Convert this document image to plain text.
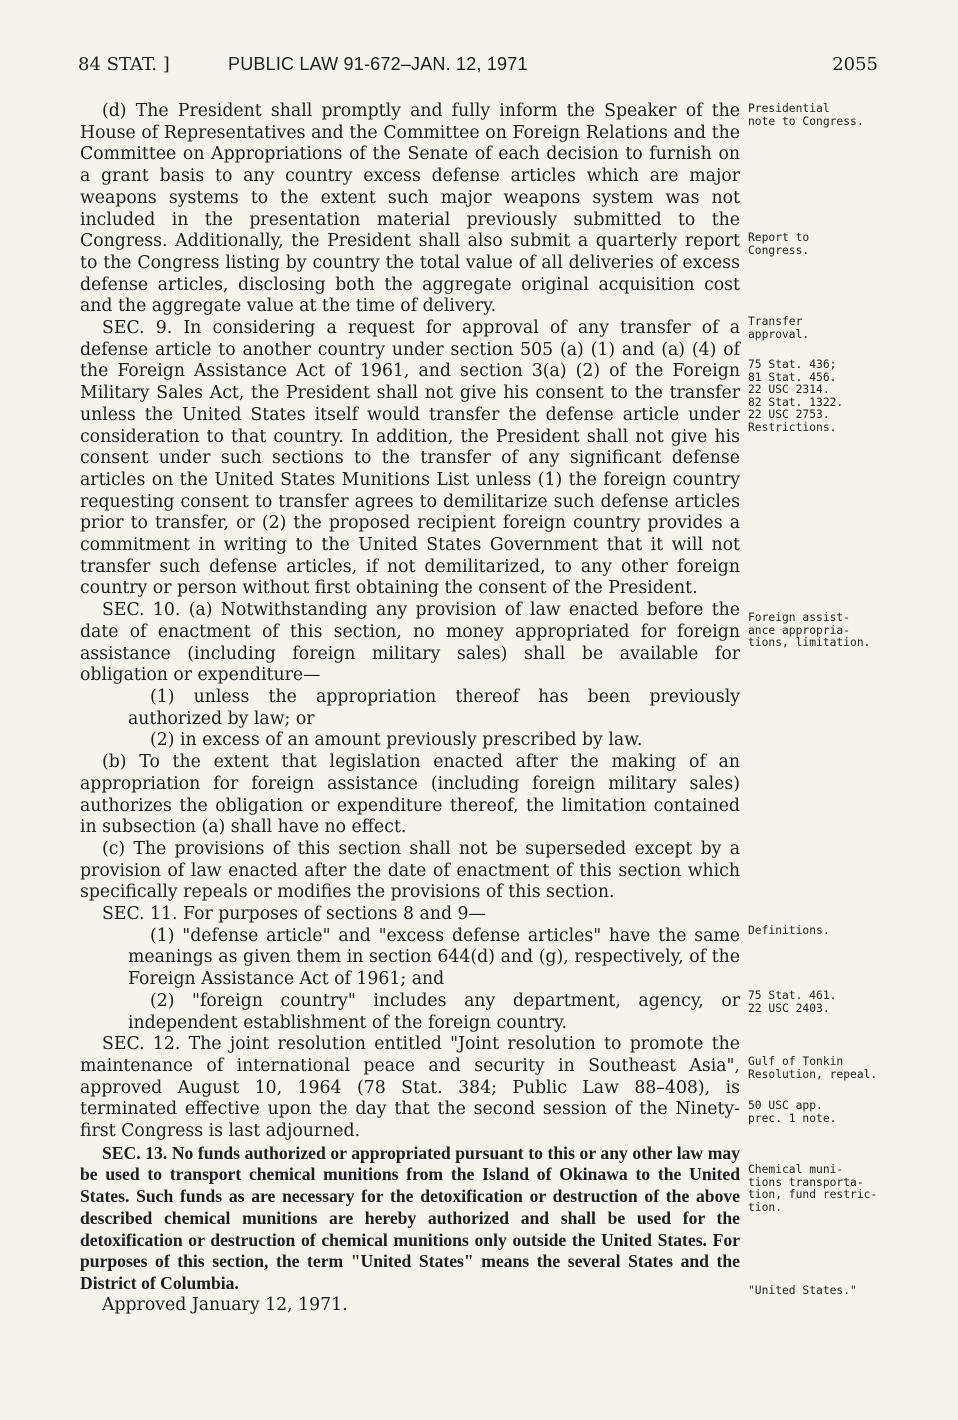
84 STAT. ]	PUBLIC LAW 91-672–JAN. 12, 1971	2055

(d) The President shall promptly and fully inform the Speaker of the House of Representatives and the Committee on Foreign Relations and the Committee on Appropriations of the Senate of each decision to furnish on a grant basis to any country excess defense articles which are major weapons systems to the extent such major weapons system was not included in the presentation material previously submitted to the Congress. Additionally, the President shall also submit a quarterly report to the Congress listing by country the total value of all deliveries of excess defense articles, disclosing both the aggregate original acquisition cost and the aggregate value at the time of delivery.

SEC. 9. In considering a request for approval of any transfer of a defense article to another country under section 505 (a) (1) and (a) (4) of the Foreign Assistance Act of 1961, and section 3(a) (2) of the Foreign Military Sales Act, the President shall not give his consent to the transfer unless the United States itself would transfer the defense article under consideration to that country. In addition, the President shall not give his consent under such sections to the transfer of any significant defense articles on the United States Munitions List unless (1) the foreign country requesting consent to transfer agrees to demilitarize such defense articles prior to transfer, or (2) the proposed recipient foreign country provides a commitment in writing to the United States Government that it will not transfer such defense articles, if not demilitarized, to any other foreign country or person without first obtaining the consent of the President.

SEC. 10. (a) Notwithstanding any provision of law enacted before the date of enactment of this section, no money appropriated for foreign assistance (including foreign military sales) shall be available for obligation or expenditure—

(1) unless the appropriation thereof has been previously authorized by law; or

(2) in excess of an amount previously prescribed by law.

(b) To the extent that legislation enacted after the making of an appropriation for foreign assistance (including foreign military sales) authorizes the obligation or expenditure thereof, the limitation contained in subsection (a) shall have no effect.

(c) The provisions of this section shall not be superseded except by a provision of law enacted after the date of enactment of this section which specifically repeals or modifies the provisions of this section.

SEC. 11. For purposes of sections 8 and 9—

(1) "defense article" and "excess defense articles" have the same meanings as given them in section 644(d) and (g), respectively, of the Foreign Assistance Act of 1961; and

(2) "foreign country" includes any department, agency, or independent establishment of the foreign country.

SEC. 12. The joint resolution entitled "Joint resolution to promote the maintenance of international peace and security in Southeast Asia", approved August 10, 1964 (78 Stat. 384; Public Law 88–408), is terminated effective upon the day that the second session of the Ninety-first Congress is last adjourned.

SEC. 13. No funds authorized or appropriated pursuant to this or any other law may be used to transport chemical munitions from the Island of Okinawa to the United States. Such funds as are necessary for the detoxification or destruction of the above described chemical munitions are hereby authorized and shall be used for the detoxification or destruction of chemical munitions only outside the United States. For purposes of this section, the term "United States" means the several States and the District of Columbia.

Approved January 12, 1971.

Presidential
note to Congress.
Report to
Congress.
Transfer
approval.
75 Stat. 436;
81 Stat. 456.
22 USC 2314.
82 Stat. 1322.
22 USC 2753.
Restrictions.
Foreign assist-
ance appropria-
tions, limitation.
Definitions.
75 Stat. 461.
22 USC 2403.
Gulf of Tonkin
Resolution, repeal.
50 USC app.
prec. 1 note.
Chemical muni-
tions transporta-
tion, fund restric-
tion.
"United States."
